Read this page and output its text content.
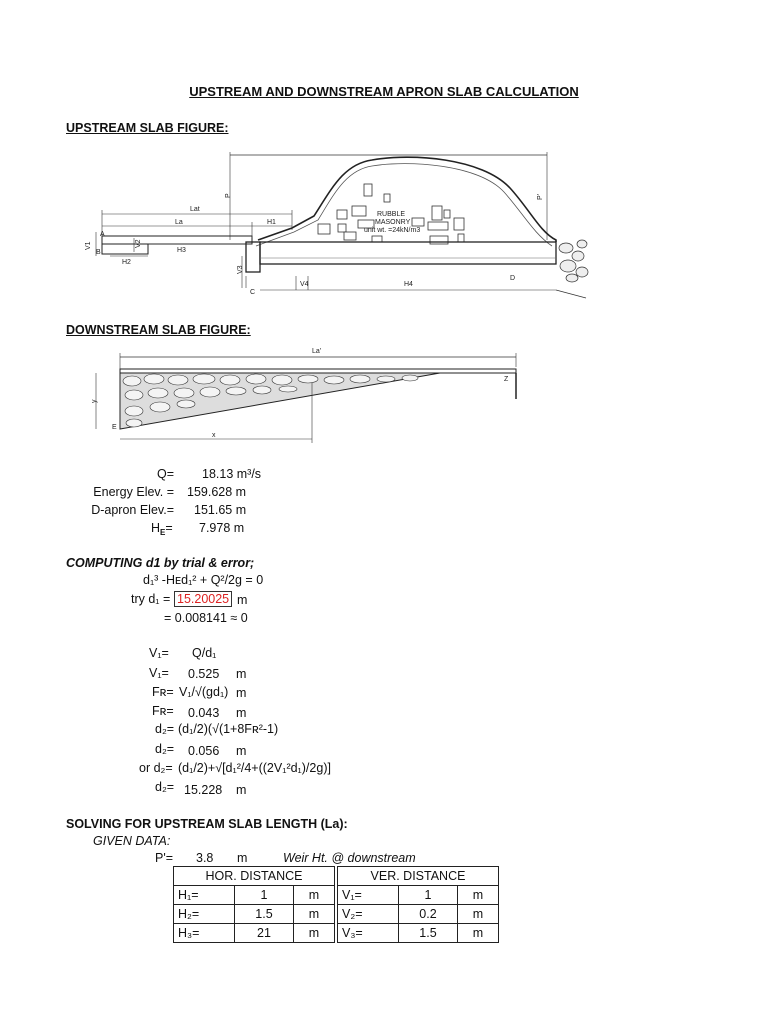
UPSTREAM AND DOWNSTREAM APRON SLAB CALCULATION
UPSTREAM SLAB FIGURE:
RUBBLE
MASONRY
unit wt. =24kN/m3
Lat
La	H1
H2
H3
H4
V1	V2
V3
V4
A
B
C
D
P	P'
DOWNSTREAM SLAB FIGURE:
La'
x
y
Z
E
Q= 18.13 m³/s
Energy Elev. = 159.628 m
D-apron Elev.= 151.65 m
$H_E= 7.978$ m
COMPUTING d1 by trial & error;
d₁³ -Hᴇd₁² + Q²/2g = 0
try d₁ = 15.20025 m
= 0.008141 ≈ 0
V₁= Q/d₁
V₁= 0.525 m
Fʀ= V₁/√(gd₁) m
Fʀ= 0.043 m
d₂= (d₁/2)(√(1+8Fʀ²-1)
d₂= 0.056 m
or d₂= (d₁/2)+√[d₁²/4+((2V₁²d₁)/2g)]
d₂= 15.228 m
SOLVING FOR UPSTREAM SLAB LENGTH (La):
GIVEN DATA:
P'= 3.8 m	Weir Ht. @ downstream
HOR. DISTANCE				VER. DISTANCE		
H₁=	1	m		V₁=	1	m
H₂=	1.5	m		V₂=	0.2	m
H₃=	21	m		V₃=	1.5	m
